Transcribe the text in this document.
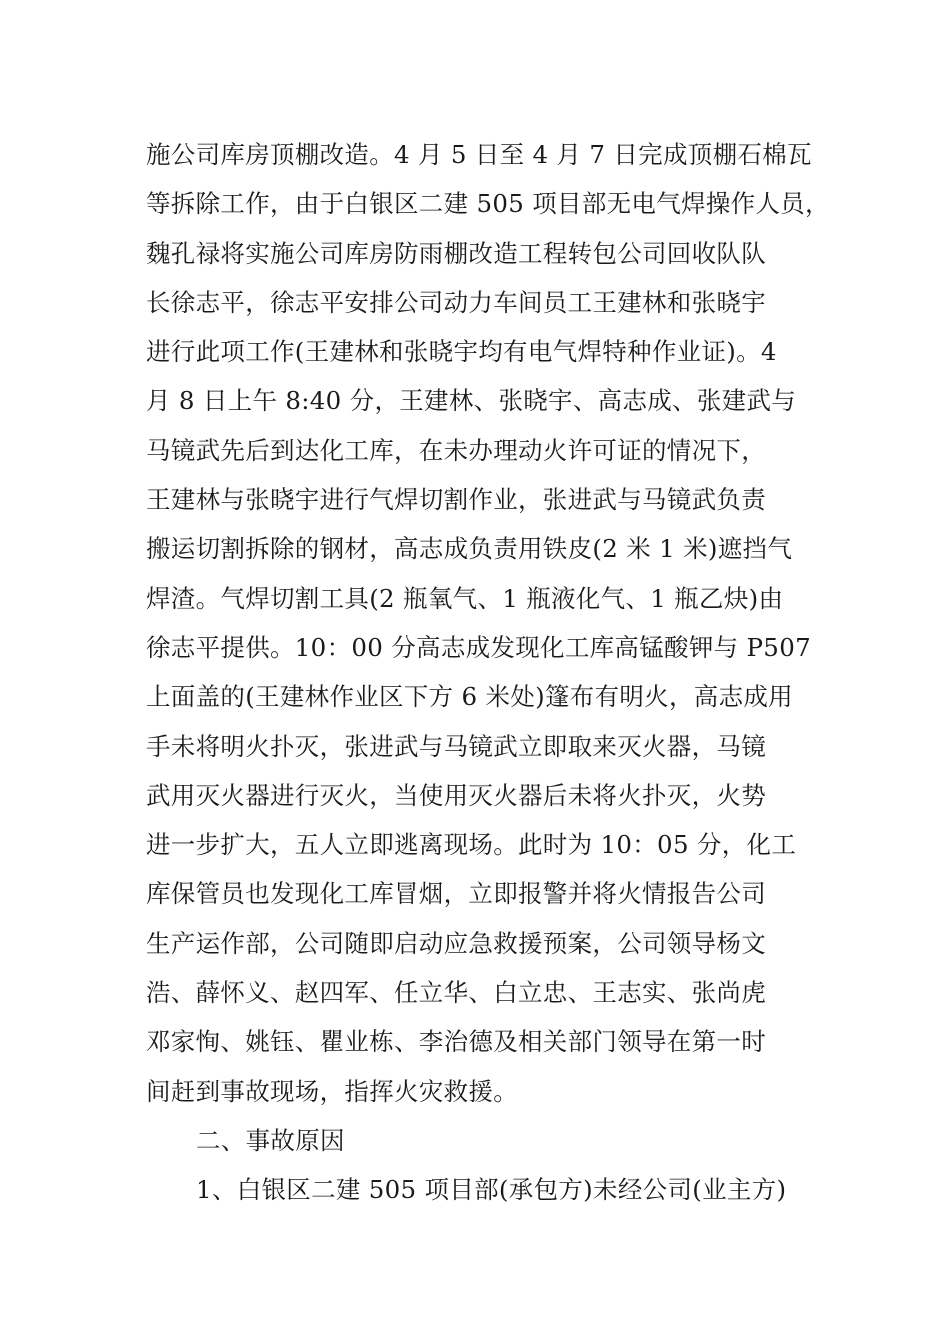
施公司库房顶棚改造。4 月 5 日至 4 月 7 日完成顶棚石棉瓦
等拆除工作，由于白银区二建 505 项目部无电气焊操作人员，
魏孔禄将实施公司库房防雨棚改造工程转包公司回收队队
长徐志平，徐志平安排公司动力车间员工王建林和张晓宇
进行此项工作(王建林和张晓宇均有电气焊特种作业证)。4
月 8 日上午 8:40 分，王建林、张晓宇、高志成、张建武与
马镜武先后到达化工库，在未办理动火许可证的情况下，
王建林与张晓宇进行气焊切割作业，张进武与马镜武负责
搬运切割拆除的钢材，高志成负责用铁皮(2 米 1 米)遮挡气
焊渣。气焊切割工具(2 瓶氧气、1 瓶液化气、1 瓶乙炔)由
徐志平提供。10：00 分高志成发现化工库高锰酸钾与 P507
上面盖的(王建林作业区下方 6 米处)篷布有明火，高志成用
手未将明火扑灭，张进武与马镜武立即取来灭火器，马镜
武用灭火器进行灭火，当使用灭火器后未将火扑灭，火势
进一步扩大，五人立即逃离现场。此时为 10：05 分，化工
库保管员也发现化工库冒烟，立即报警并将火情报告公司
生产运作部，公司随即启动应急救援预案，公司领导杨文
浩、薛怀义、赵四军、任立华、白立忠、王志实、张尚虎
邓家恂、姚钰、瞿业栋、李治德及相关部门领导在第一时
间赶到事故现场，指挥火灾救援。
二、事故原因
1、白银区二建 505 项目部(承包方)未经公司(业主方)
